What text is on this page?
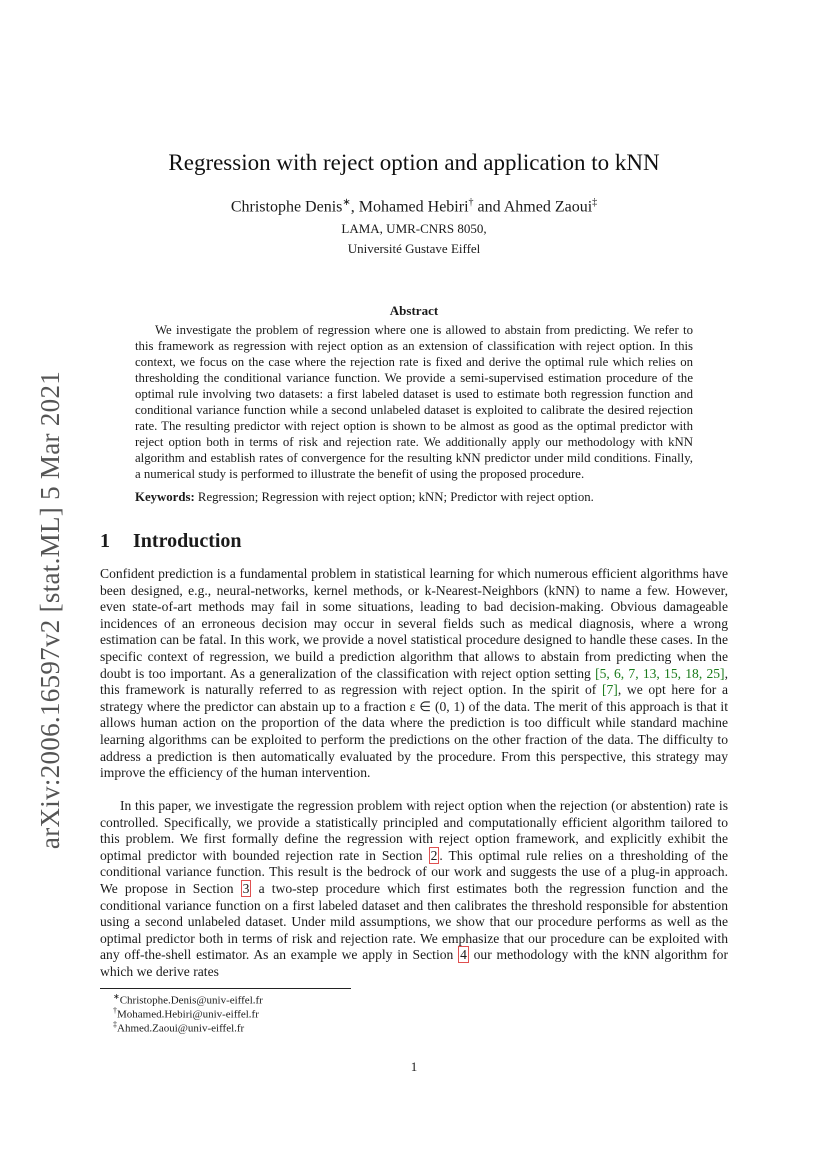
arXiv:2006.16597v2 [stat.ML] 5 Mar 2021
Regression with reject option and application to kNN
Christophe Denis∗, Mohamed Hebiri† and Ahmed Zaoui‡
LAMA, UMR-CNRS 8050,
Université Gustave Eiffel
Abstract

We investigate the problem of regression where one is allowed to abstain from predicting. We refer to this framework as regression with reject option as an extension of classification with reject option. In this context, we focus on the case where the rejection rate is fixed and derive the optimal rule which relies on thresholding the conditional variance function. We provide a semi-supervised estimation procedure of the optimal rule involving two datasets: a first labeled dataset is used to estimate both regression function and conditional variance function while a second unlabeled dataset is exploited to calibrate the desired rejection rate. The resulting predictor with reject option is shown to be almost as good as the optimal predictor with reject option both in terms of risk and rejection rate. We additionally apply our methodology with kNN algorithm and establish rates of convergence for the resulting kNN predictor under mild conditions. Finally, a numerical study is performed to illustrate the benefit of using the proposed procedure.

Keywords: Regression; Regression with reject option; kNN; Predictor with reject option.

1 Introduction

Confident prediction is a fundamental problem in statistical learning for which numerous efficient algorithms have been designed, e.g., neural-networks, kernel methods, or k-Nearest-Neighbors (kNN) to name a few. However, even state-of-art methods may fail in some situations, leading to bad decision-making. Obvious damageable incidences of an erroneous decision may occur in several fields such as medical diagnosis, where a wrong estimation can be fatal. In this work, we provide a novel statistical procedure designed to handle these cases. In the specific context of regression, we build a prediction algorithm that allows to abstain from predicting when the doubt is too important. As a generalization of the classification with reject option setting [5, 6, 7, 13, 15, 18, 25], this framework is naturally referred to as regression with reject option. In the spirit of [7], we opt here for a strategy where the predictor can abstain up to a fraction ε ∈ (0, 1) of the data. The merit of this approach is that it allows human action on the proportion of the data where the prediction is too difficult while standard machine learning algorithms can be exploited to perform the predictions on the other fraction of the data. The difficulty to address a prediction is then automatically evaluated by the procedure. From this perspective, this strategy may improve the efficiency of the human intervention.

In this paper, we investigate the regression problem with reject option when the rejection (or abstention) rate is controlled. Specifically, we provide a statistically principled and computationally efficient algorithm tailored to this problem. We first formally define the regression with reject option framework, and explicitly exhibit the optimal predictor with bounded rejection rate in Section 2 . This optimal rule relies on a thresholding of the conditional variance function. This result is the bedrock of our work and suggests the use of a plug-in approach. We propose in Section 3 a two-step procedure which first estimates both the regression function and the conditional variance function on a first labeled dataset and then calibrates the threshold responsible for abstention using a second unlabeled dataset. Under mild assumptions, we show that our procedure performs as well as the optimal predictor both in terms of risk and rejection rate. We emphasize that our procedure can be exploited with any off-the-shell estimator. As an example we apply in Section 4 our methodology with the kNN algorithm for which we derive rates

∗Christophe.Denis@univ-eiffel.fr
†Mohamed.Hebiri@univ-eiffel.fr
‡Ahmed.Zaoui@univ-eiffel.fr
1
